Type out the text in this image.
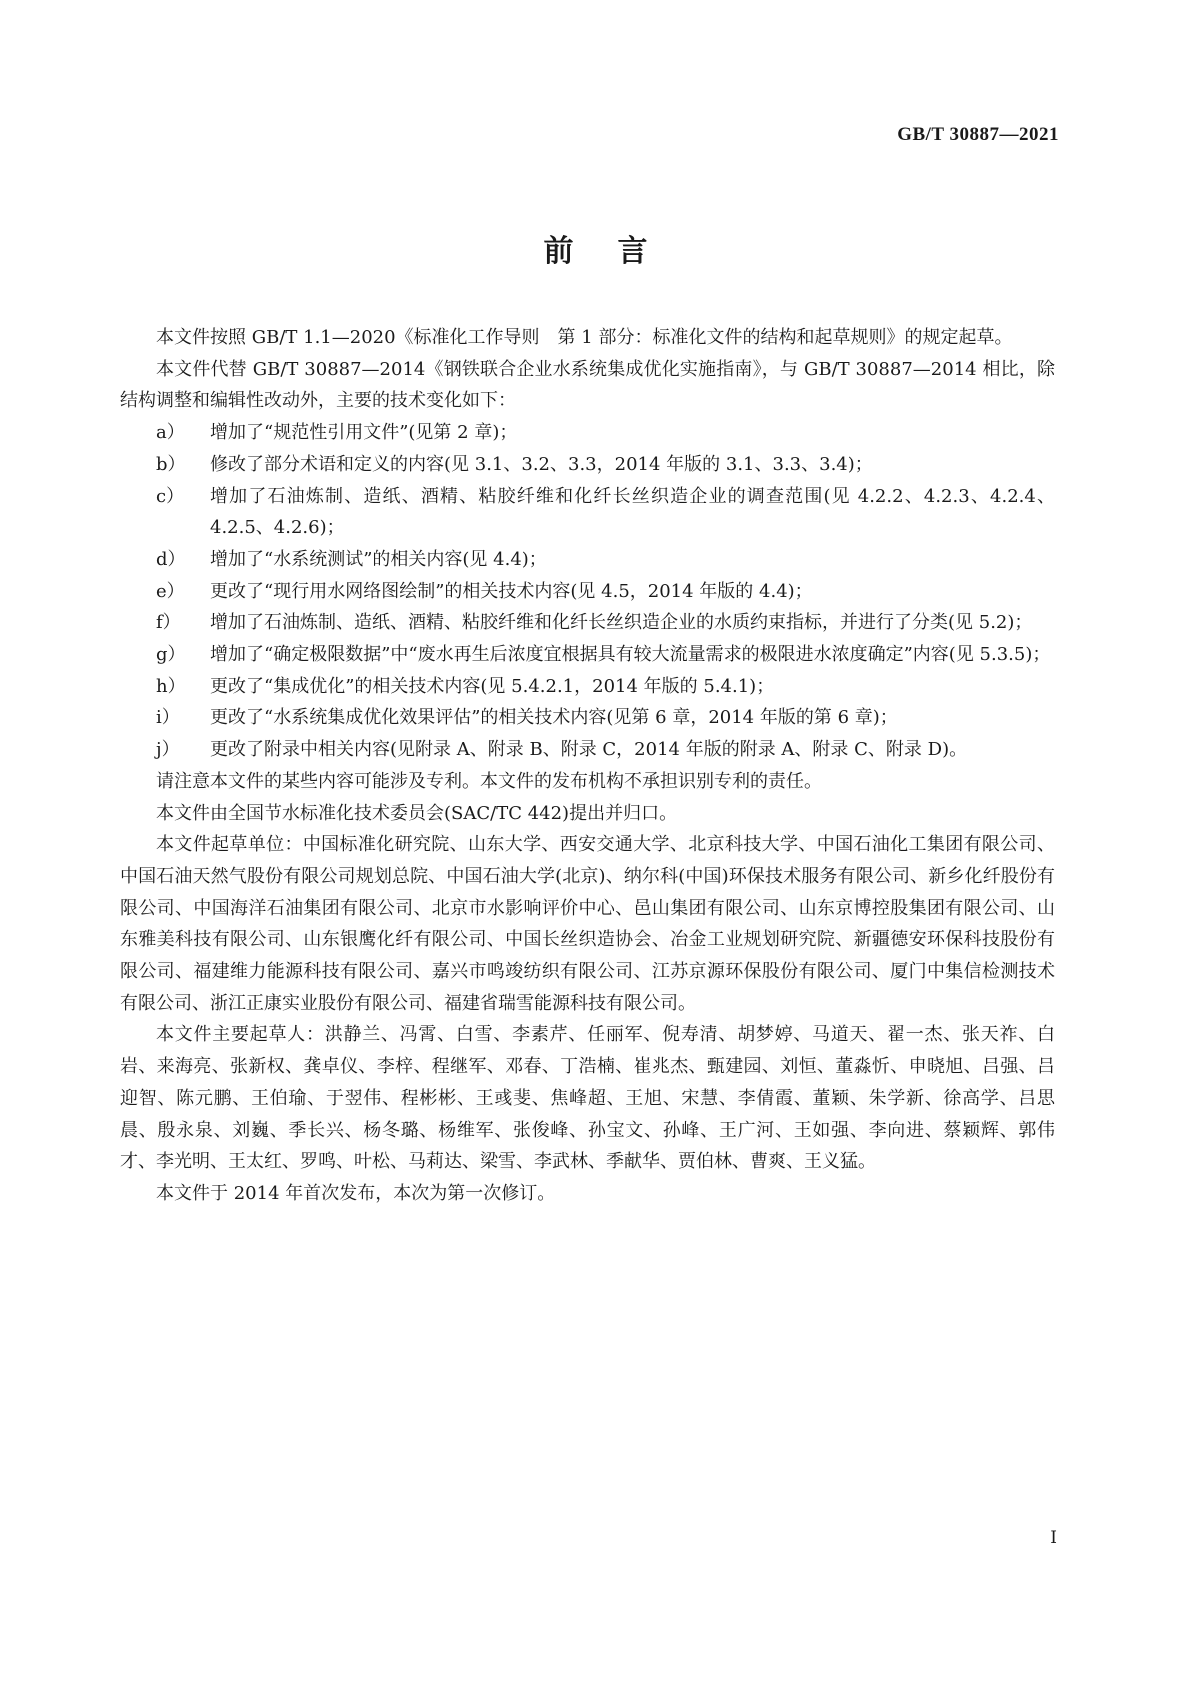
GB/T 30887—2021
前言

本文件按照 GB/T 1.1—2020《标准化工作导则　第 1 部分：标准化文件的结构和起草规则》的规定起草。

本文件代替 GB/T 30887—2014《钢铁联合企业水系统集成优化实施指南》，与 GB/T 30887—2014 相比，除结构调整和编辑性改动外，主要的技术变化如下：

a）	增加了“规范性引用文件”(见第 2 章)；
b）	修改了部分术语和定义的内容(见 3.1、3.2、3.3，2014 年版的 3.1、3.3、3.4)；
c）	增加了石油炼制、造纸、酒精、粘胶纤维和化纤长丝织造企业的调查范围(见 4.2.2、4.2.3、4.2.4、4.2.5、4.2.6)；
d）	增加了“水系统测试”的相关内容(见 4.4)；
e）	更改了“现行用水网络图绘制”的相关技术内容(见 4.5，2014 年版的 4.4)；
f）	增加了石油炼制、造纸、酒精、粘胶纤维和化纤长丝织造企业的水质约束指标，并进行了分类(见 5.2)；
g）	增加了“确定极限数据”中“废水再生后浓度宜根据具有较大流量需求的极限进水浓度确定”内容(见 5.3.5)；
h）	更改了“集成优化”的相关技术内容(见 5.4.2.1，2014 年版的 5.4.1)；
i）	更改了“水系统集成优化效果评估”的相关技术内容(见第 6 章，2014 年版的第 6 章)；
j）	更改了附录中相关内容(见附录 A、附录 B、附录 C，2014 年版的附录 A、附录 C、附录 D)。

请注意本文件的某些内容可能涉及专利。本文件的发布机构不承担识别专利的责任。

本文件由全国节水标准化技术委员会(SAC/TC 442)提出并归口。

本文件起草单位：中国标准化研究院、山东大学、西安交通大学、北京科技大学、中国石油化工集团有限公司、中国石油天然气股份有限公司规划总院、中国石油大学(北京)、纳尔科(中国)环保技术服务有限公司、新乡化纤股份有限公司、中国海洋石油集团有限公司、北京市水影响评价中心、邑山集团有限公司、山东京博控股集团有限公司、山东雅美科技有限公司、山东银鹰化纤有限公司、中国长丝织造协会、冶金工业规划研究院、新疆德安环保科技股份有限公司、福建维力能源科技有限公司、嘉兴市鸣竣纺织有限公司、江苏京源环保股份有限公司、厦门中集信检测技术有限公司、浙江正康实业股份有限公司、福建省瑞雪能源科技有限公司。

本文件主要起草人：洪静兰、冯霄、白雪、李素芹、任丽军、倪寿清、胡梦婷、马道天、翟一杰、张天祚、白岩、来海亮、张新权、龚卓仪、李梓、程继军、邓春、丁浩楠、崔兆杰、甄建园、刘恒、董淼忻、申晓旭、吕强、吕迎智、陈元鹏、王伯瑜、于翌伟、程彬彬、王彧斐、焦峰超、王旭、宋慧、李倩霞、董颖、朱学新、徐高学、吕思晨、殷永泉、刘巍、季长兴、杨冬璐、杨维军、张俊峰、孙宝文、孙峰、王广河、王如强、李向进、蔡颖辉、郭伟才、李光明、王太红、罗鸣、叶松、马莉达、梁雪、李武林、季献华、贾伯林、曹爽、王义猛。

本文件于 2014 年首次发布，本次为第一次修订。

I
